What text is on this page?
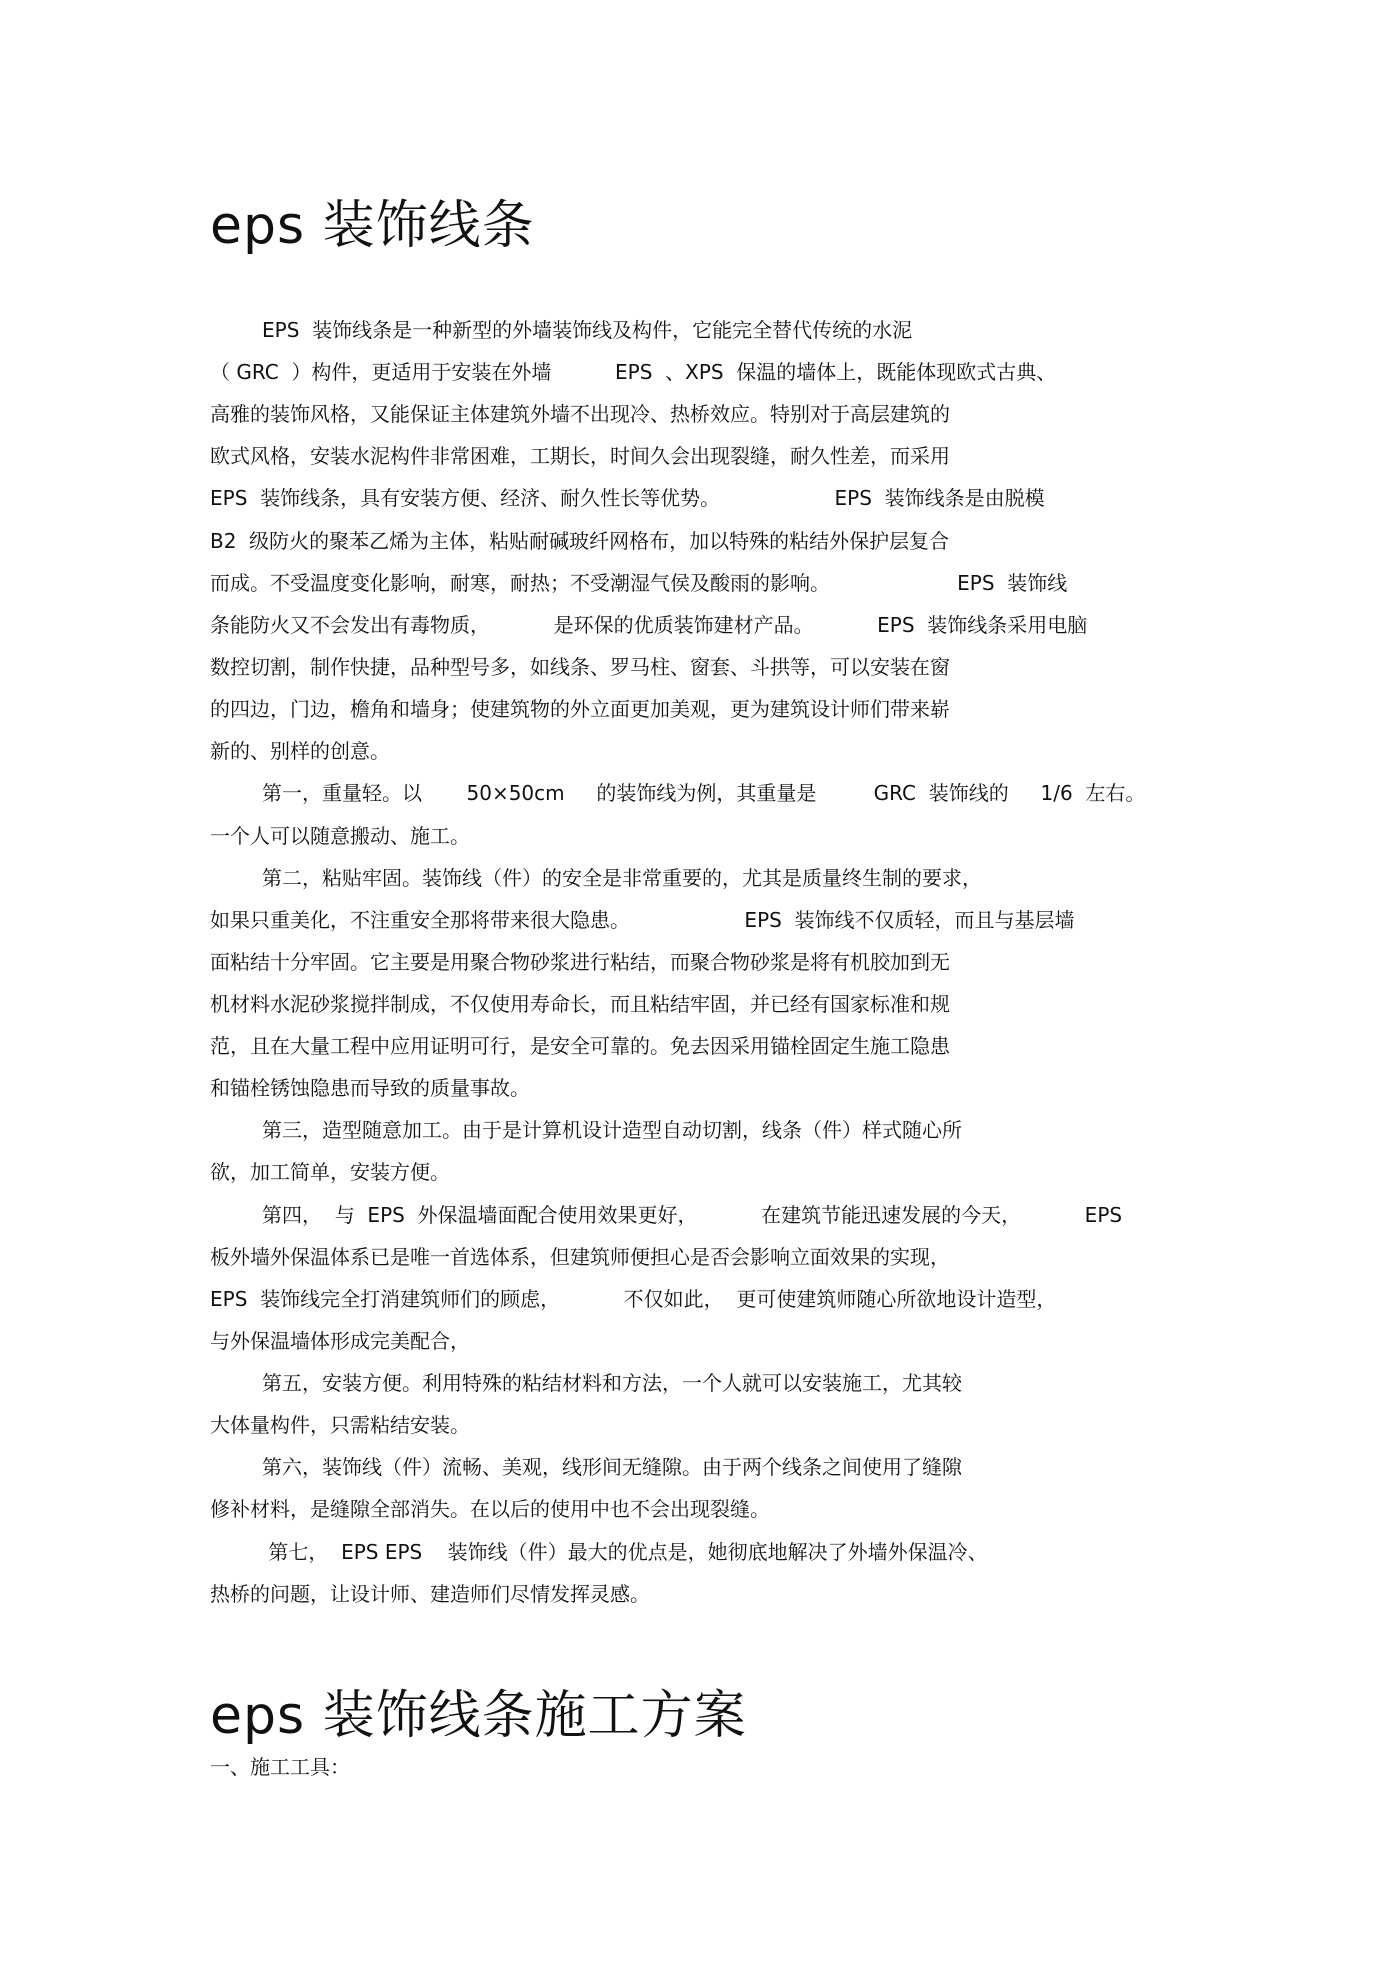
eps 装饰线条
EPS  装饰线条是一种新型的外墙装饰线及构件，它能完全替代传统的水泥
（ GRC  ）构件，更适用于安装在外墙          EPS  、XPS  保温的墙体上，既能体现欧式古典、
高雅的装饰风格，又能保证主体建筑外墙不出现冷、热桥效应。特别对于高层建筑的
欧式风格，安装水泥构件非常困难，工期长，时间久会出现裂缝，耐久性差，而采用
EPS  装饰线条，具有安装方便、经济、耐久性长等优势。                  EPS  装饰线条是由脱模
B2  级防火的聚苯乙烯为主体，粘贴耐碱玻纤网格布，加以特殊的粘结外保护层复合
而成。不受温度变化影响，耐寒，耐热；不受潮湿气侯及酸雨的影响。                    EPS  装饰线
条能防火又不会发出有毒物质，          是环保的优质装饰建材产品。          EPS  装饰线条采用电脑
数控切割，制作快捷，品种型号多，如线条、罗马柱、窗套、斗拱等，可以安装在窗
的四边，门边，檐角和墙身；使建筑物的外立面更加美观，更为建筑设计师们带来崭
新的、别样的创意。
第一，重量轻。以       50×50cm     的装饰线为例，其重量是         GRC  装饰线的     1/6  左右。
一个人可以随意搬动、施工。
第二，粘贴牢固。装饰线（件）的安全是非常重要的，尤其是质量终生制的要求，
如果只重美化，不注重安全那将带来很大隐患。                  EPS  装饰线不仅质轻，而且与基层墙
面粘结十分牢固。它主要是用聚合物砂浆进行粘结，而聚合物砂浆是将有机胶加到无
机材料水泥砂浆搅拌制成，不仅使用寿命长，而且粘结牢固，并已经有国家标准和规
范，且在大量工程中应用证明可行，是安全可靠的。免去因采用锚栓固定生施工隐患
和锚栓锈蚀隐患而导致的质量事故。
第三，造型随意加工。由于是计算机设计造型自动切割，线条（件）样式随心所
欲，加工简单，安装方便。
第四，  与  EPS  外保温墙面配合使用效果更好，          在建筑节能迅速发展的今天，          EPS
板外墙外保温体系已是唯一首选体系，但建筑师便担心是否会影响立面效果的实现，
EPS  装饰线完全打消建筑师们的顾虑，          不仅如此，  更可使建筑师随心所欲地设计造型，
与外保温墙体形成完美配合，
第五，安装方便。利用特殊的粘结材料和方法，一个人就可以安装施工，尤其较
大体量构件，只需粘结安装。
第六，装饰线（件）流畅、美观，线形间无缝隙。由于两个线条之间使用了缝隙
修补材料，是缝隙全部消失。在以后的使用中也不会出现裂缝。
第七，  EPS EPS    装饰线（件）最大的优点是，她彻底地解决了外墙外保温冷、
热桥的问题，让设计师、建造师们尽情发挥灵感。
eps 装饰线条施工方案
一、施工工具：
